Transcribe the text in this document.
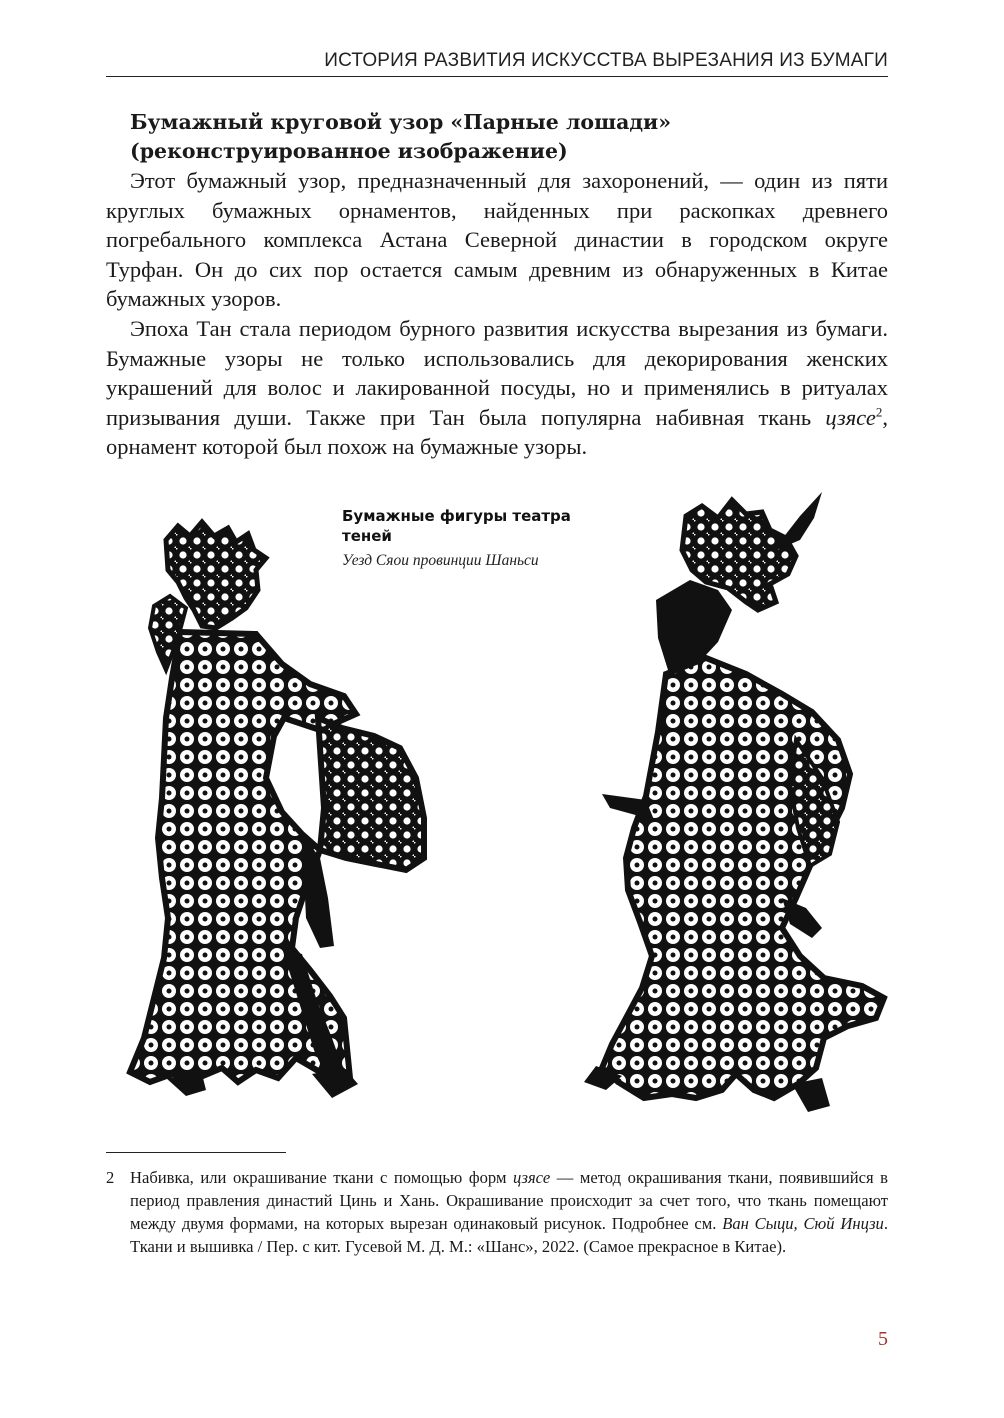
ИСТОРИЯ РАЗВИТИЯ ИСКУССТВА ВЫРЕЗАНИЯ ИЗ БУМАГИ
Бумажный круговой узор «Парные лошади»
(реконструированное изображение)

Этот бумажный узор, предназначенный для захоронений, — один из пяти круглых бумажных орнаментов, найденных при раскопках древнего погребального комплекса Астана Северной династии в городском округе Турфан. Он до сих пор остается самым древним из обнаруженных в Китае бумажных узоров.

Эпоха Тан стала периодом бурного развития искусства вырезания из бумаги. Бумажные узоры не только использовались для декорирования женских украшений для волос и лакированной посуды, но и применялись в ритуалах призывания души. Также при Тан была популярна набивная ткань цзясе$^2$, орнамент которой был похож на бумажные узоры.

Бумажные фигуры театра теней
Уезд Сяои провинции Шаньси
2 Набивка, или окрашивание ткани с помощью форм цзясе — метод окрашивания ткани, появившийся в период правления династий Цинь и Хань. Окрашивание происходит за счет того, что ткань помещают между двумя формами, на которых вырезан одинаковый рисунок. Подробнее см. Ван Сыци, Сюй Инцзи. Ткани и вышивка / Пер. с кит. Гусевой М. Д. М.: «Шанс», 2022. (Самое прекрасное в Китае).
5
